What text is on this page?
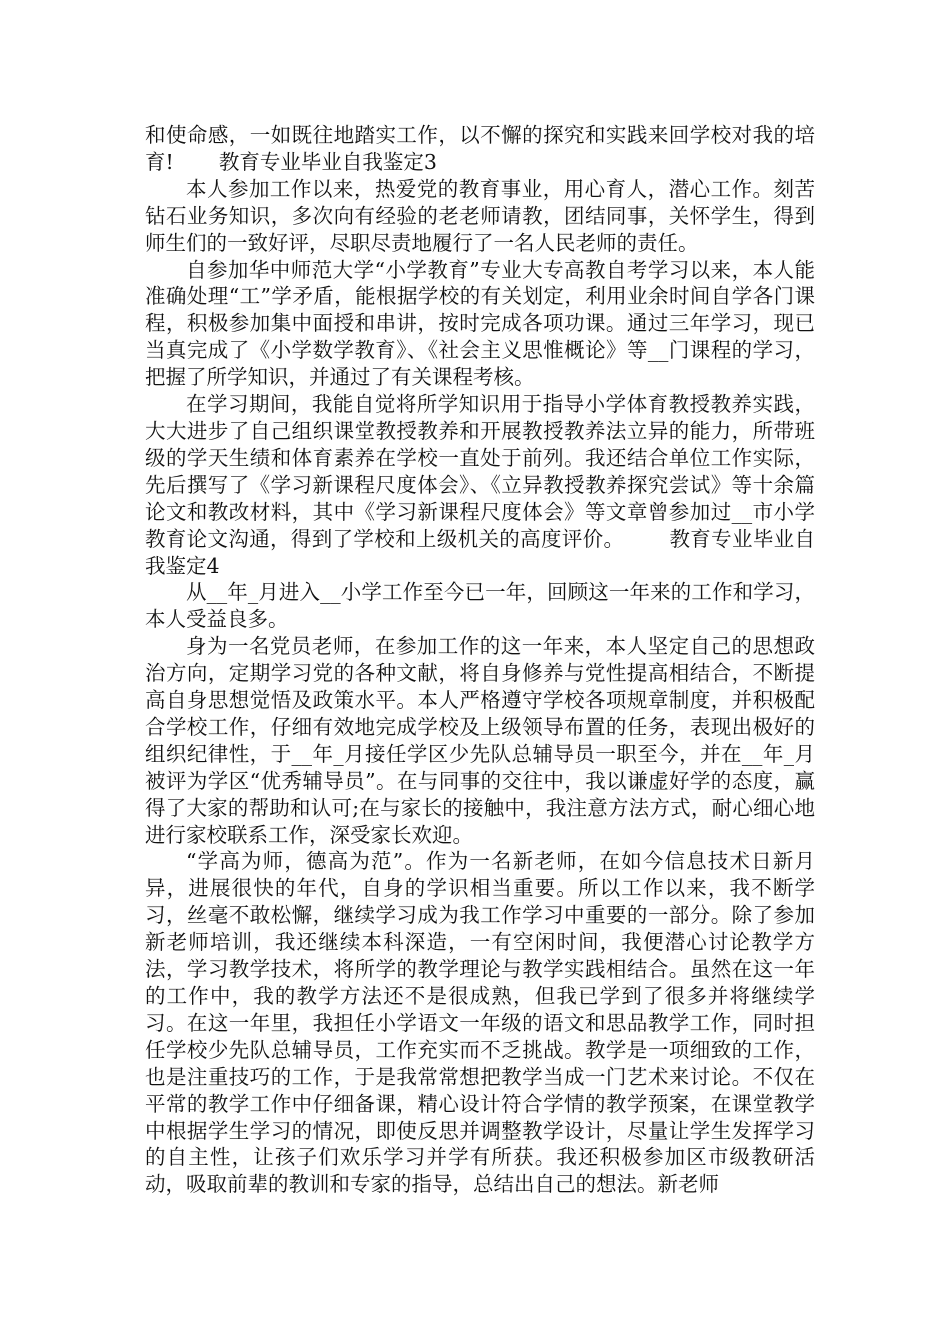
和使命感，一如既往地踏实工作，以不懈的探究和实践来回学校对我的培育! 教育专业毕业自我鉴定3

本人参加工作以来，热爱党的教育事业，用心育人，潜心工作。刻苦钻石业务知识，多次向有经验的老老师请教，团结同事，关怀学生，得到师生们的一致好评，尽职尽责地履行了一名人民老师的责任。

自参加华中师范大学“小学教育”专业大专高教自考学习以来，本人能准确处理“工”学矛盾，能根据学校的有关划定，利用业余时间自学各门课程，积极参加集中面授和串讲，按时完成各项功课。通过三年学习，现已当真完成了《小学数学教育》、《社会主义思惟概论》等__门课程的学习，把握了所学知识，并通过了有关课程考核。

在学习期间，我能自觉将所学知识用于指导小学体育教授教养实践，大大进步了自己组织课堂教授教养和开展教授教养法立异的能力，所带班级的学天生绩和体育素养在学校一直处于前列。我还结合单位工作实际，先后撰写了《学习新课程尺度体会》、《立异教授教养探究尝试》等十余篇论文和教改材料，其中《学习新课程尺度体会》等文章曾参加过__市小学教育论文沟通，得到了学校和上级机关的高度评价。 教育专业毕业自我鉴定4

从__年_月进入__小学工作至今已一年，回顾这一年来的工作和学习，本人受益良多。

身为一名党员老师，在参加工作的这一年来，本人坚定自己的思想政治方向，定期学习党的各种文献，将自身修养与党性提高相结合，不断提高自身思想觉悟及政策水平。本人严格遵守学校各项规章制度，并积极配合学校工作，仔细有效地完成学校及上级领导布置的任务，表现出极好的组织纪律性，于__年_月接任学区少先队总辅导员一职至今，并在__年_月被评为学区“优秀辅导员”。在与同事的交往中，我以谦虚好学的态度，赢得了大家的帮助和认可;在与家长的接触中，我注意方法方式，耐心细心地进行家校联系工作，深受家长欢迎。

“学高为师，德高为范”。作为一名新老师，在如今信息技术日新月异，进展很快的年代，自身的学识相当重要。所以工作以来，我不断学习，丝毫不敢松懈，继续学习成为我工作学习中重要的一部分。除了参加新老师培训，我还继续本科深造，一有空闲时间，我便潜心讨论教学方法，学习教学技术，将所学的教学理论与教学实践相结合。虽然在这一年的工作中，我的教学方法还不是很成熟，但我已学到了很多并将继续学习。在这一年里，我担任小学语文一年级的语文和思品教学工作，同时担任学校少先队总辅导员，工作充实而不乏挑战。教学是一项细致的工作，也是注重技巧的工作，于是我常常想把教学当成一门艺术来讨论。不仅在平常的教学工作中仔细备课，精心设计符合学情的教学预案，在课堂教学中根据学生学习的情况，即使反思并调整教学设计，尽量让学生发挥学习的自主性，让孩子们欢乐学习并学有所获。我还积极参加区市级教研活动，吸取前辈的教训和专家的指导，总结出自己的想法。新老师
